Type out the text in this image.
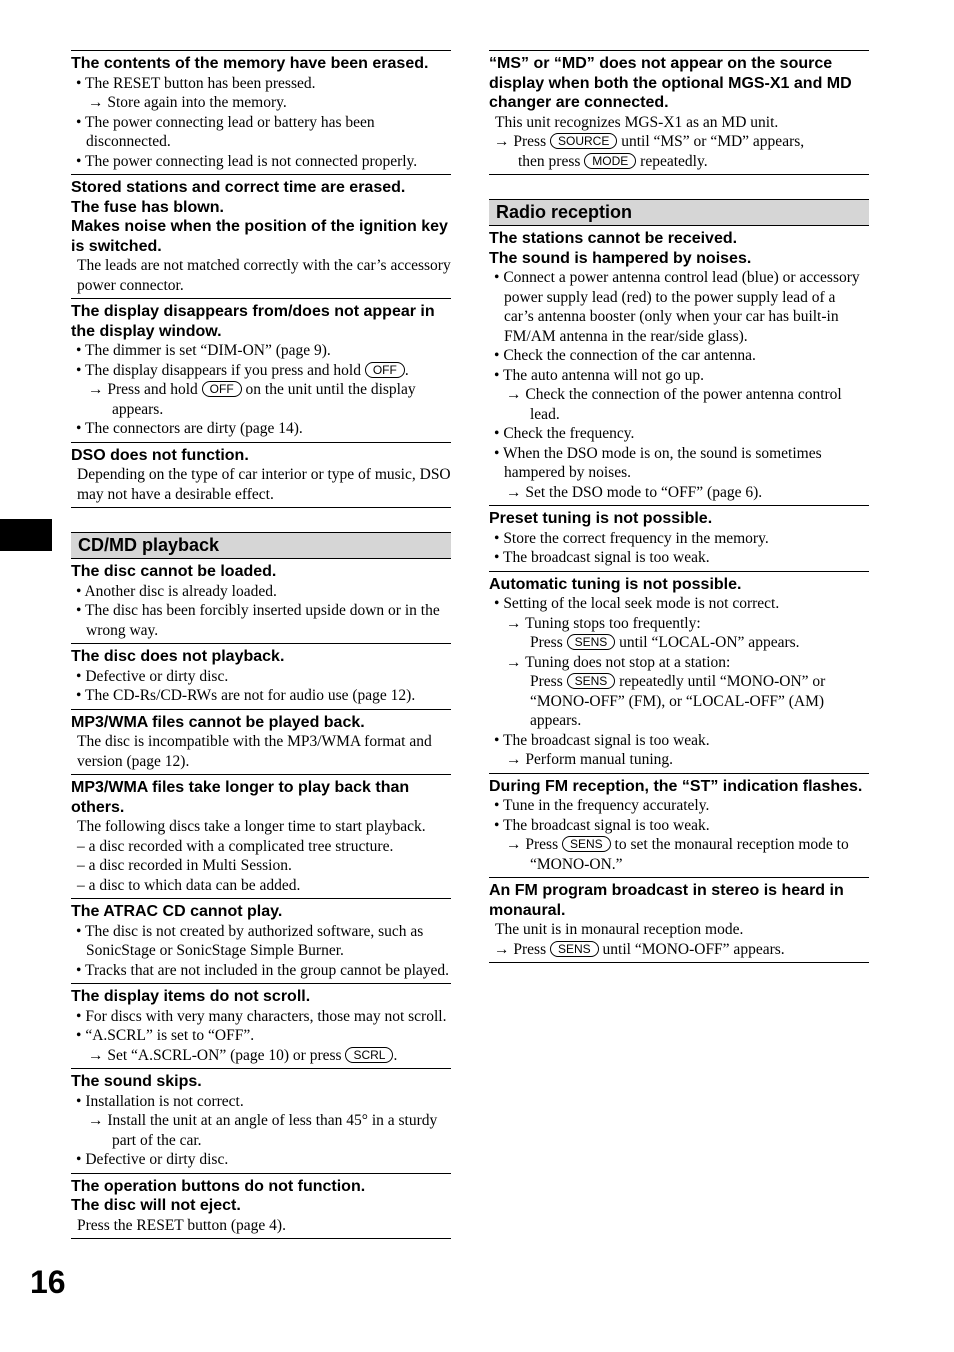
The contents of the memory have been erased.
• The RESET button has been pressed.
→ Store again into the memory.
• The power connecting lead or battery has been disconnected.
• The power connecting lead is not connected properly.
Stored stations and correct time are erased.
The fuse has blown.
Makes noise when the position of the ignition key is switched.
The leads are not matched correctly with the car’s accessory power connector.
The display disappears from/does not appear in the display window.
• The dimmer is set “DIM-ON” (page 9).
• The display disappears if you press and hold OFF .
→ Press and hold OFF on the unit until the display appears.
• The connectors are dirty (page 14).
DSO does not function.
Depending on the type of car interior or type of music, DSO may not have a desirable effect.
CD/MD playback
The disc cannot be loaded.
• Another disc is already loaded.
• The disc has been forcibly inserted upside down or in the wrong way.
The disc does not playback.
• Defective or dirty disc.
• The CD-Rs/CD-RWs are not for audio use (page 12).
MP3/WMA files cannot be played back.
The disc is incompatible with the MP3/WMA format and version (page 12).
MP3/WMA files take longer to play back than others.
The following discs take a longer time to start playback.
– a disc recorded with a complicated tree structure.
– a disc recorded in Multi Session.
– a disc to which data can be added.
The ATRAC CD cannot play.
• The disc is not created by authorized software, such as SonicStage or SonicStage Simple Burner.
• Tracks that are not included in the group cannot be played.
The display items do not scroll.
• For discs with very many characters, those may not scroll.
• “A.SCRL” is set to “OFF”.
→ Set “A.SCRL-ON” (page 10) or press SCRL .
The sound skips.
• Installation is not correct.
→ Install the unit at an angle of less than 45° in a sturdy part of the car.
• Defective or dirty disc.
The operation buttons do not function.
The disc will not eject.
Press the RESET button (page 4).
“MS” or “MD” does not appear on the source display when both the optional MGS-X1 and MD changer are connected.
This unit recognizes MGS-X1 as an MD unit.
→ Press SOURCE until “MS” or “MD” appears,
then press MODE repeatedly.
Radio reception
The stations cannot be received.
The sound is hampered by noises.
• Connect a power antenna control lead (blue) or accessory power supply lead (red) to the power supply lead of a car’s antenna booster (only when your car has built-in FM/AM antenna in the rear/side glass).
• Check the connection of the car antenna.
• The auto antenna will not go up.
→ Check the connection of the power antenna control lead.
• Check the frequency.
• When the DSO mode is on, the sound is sometimes hampered by noises.
→ Set the DSO mode to “OFF” (page 6).
Preset tuning is not possible.
• Store the correct frequency in the memory.
• The broadcast signal is too weak.
Automatic tuning is not possible.
• Setting of the local seek mode is not correct.
→ Tuning stops too frequently:
Press SENS until “LOCAL-ON” appears.
→ Tuning does not stop at a station:
Press SENS repeatedly until “MONO-ON” or “MONO-OFF” (FM), or “LOCAL-OFF” (AM) appears.
• The broadcast signal is too weak.
→ Perform manual tuning.
During FM reception, the “ST” indication flashes.
• Tune in the frequency accurately.
• The broadcast signal is too weak.
→ Press SENS to set the monaural reception mode to “MONO-ON.”
An FM program broadcast in stereo is heard in monaural.
The unit is in monaural reception mode.
→ Press SENS until “MONO-OFF” appears.
16
